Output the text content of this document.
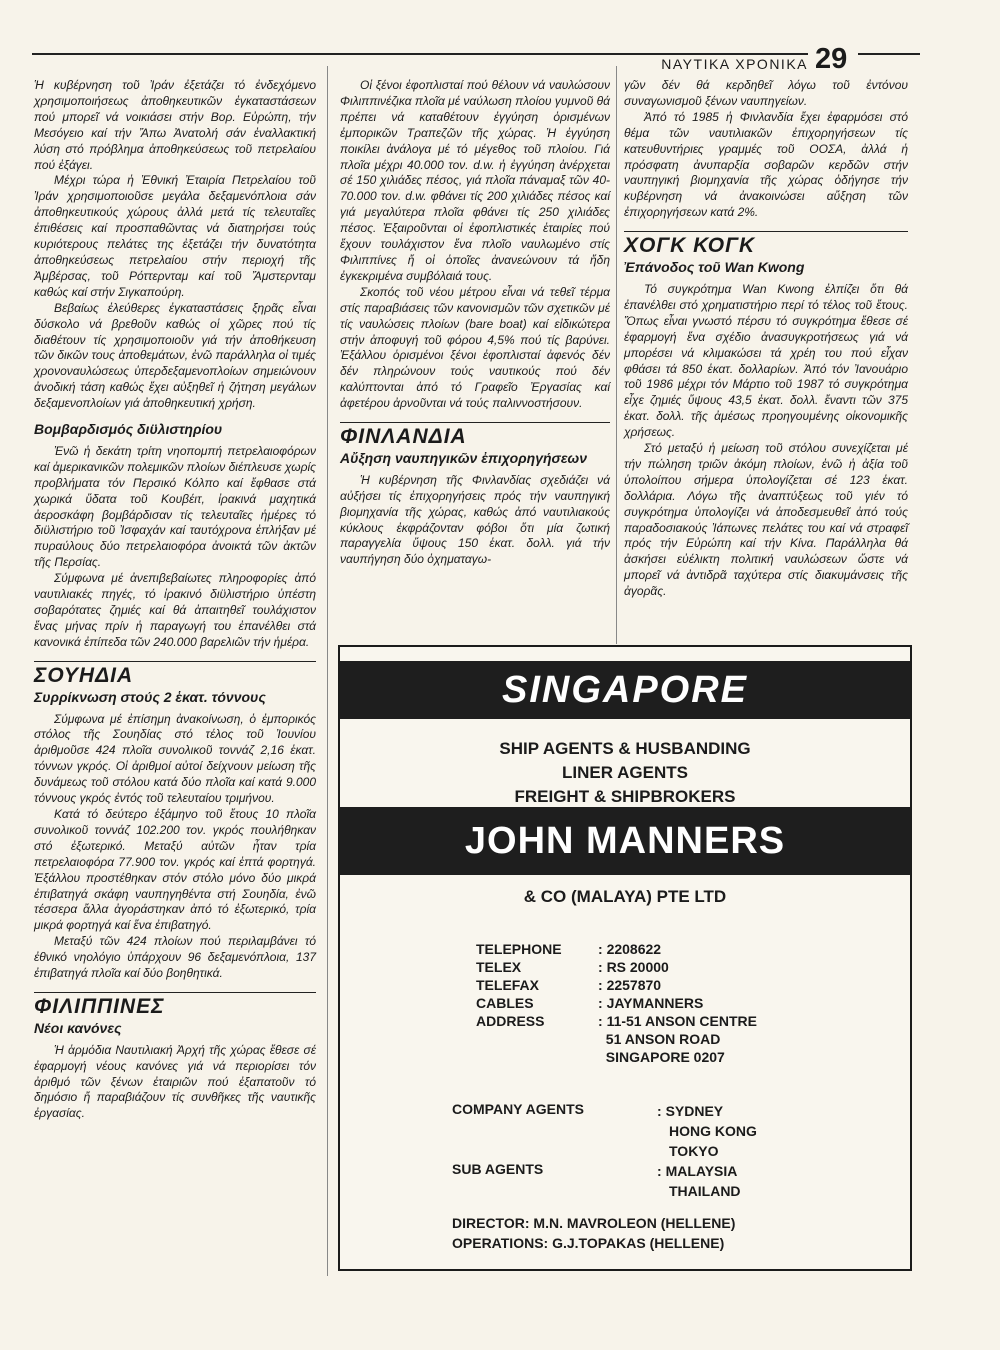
ΝΑΥΤΙΚΑ ΧΡΟΝΙΚΑ 29

Ἡ κυβέρνηση τοῦ Ἰράν ἐξετάζει τό ἐνδεχόμενο χρησιμοποιήσεως ἀποθηκευτικῶν ἐγκαταστάσεων πού μπορεῖ νά νοικιάσει στήν Βορ. Εὐρώπη, τήν Μεσόγειο καί τήν Ἄπω Ἀνατολή σάν ἐναλλακτική λύση στό πρόβλημα ἀποθηκεύσεως τοῦ πετρελαίου πού ἐξάγει.

Μέχρι τώρα ἡ Ἐθνική Ἐταιρία Πετρελαίου τοῦ Ἰράν χρησιμοποιοῦσε μεγάλα δεξαμενόπλοια σάν ἀποθηκευτικούς χώρους ἀλλά μετά τίς τελευταῖες ἐπιθέσεις καί προσπαθῶντας νά διατηρήσει τούς κυριότερους πελάτες της ἐξετάζει τήν δυνατότητα ἀποθηκεύσεως πετρελαίου στήν περιοχή τῆς Ἀμβέρσας, τοῦ Ρόττερνταμ καί τοῦ Ἄμστερνταμ καθώς καί στήν Σιγκαπούρη.

Βεβαίως ἐλεύθερες ἐγκαταστάσεις ξηρᾶς εἶναι δύσκολο νά βρεθοῦν καθώς οἱ χῶρες πού τίς διαθέτουν τίς χρησιμοποιοῦν γιά τήν ἀποθήκευση τῶν δικῶν τους ἀποθεμάτων, ἐνῶ παράλληλα οἱ τιμές χρονοναυλώσεως ὑπερδεξαμενοπλοίων σημειώνουν ἀνοδική τάση καθώς ἔχει αὐξηθεῖ ἡ ζήτηση μεγάλων δεξαμενοπλοίων γιά ἀποθηκευτική χρήση.

Βομβαρδισμός διϋλιστηρίου

Ἐνῶ ἡ δεκάτη τρίτη νηοπομπή πετρελαιοφόρων καί ἀμερικανικῶν πολεμικῶν πλοίων διέπλευσε χωρίς προβλήματα τόν Περσικό Κόλπο καί ἔφθασε στά χωρικά ὕδατα τοῦ Κουβέιτ, ἰρακινά μαχητικά ἀεροσκάφη βομβάρδισαν τίς τελευταῖες ἡμέρες τό διϋλιστήριο τοῦ Ἰσφαχάν καί ταυτόχρονα ἐπλήξαν μέ πυραύλους δύο πετρελαιοφόρα ἀνοικτά τῶν ἀκτῶν τῆς Περσίας.

Σύμφωνα μέ ἀνεπιβεβαίωτες πληροφορίες ἀπό ναυτιλιακές πηγές, τό ἰρακινό διϋλιστήριο ὑπέστη σοβαρότατες ζημιές καί θά ἀπαιτηθεῖ τουλάχιστον ἕνας μήνας πρίν ἡ παραγωγή του ἐπανέλθει στά κανονικά ἐπίπεδα τῶν 240.000 βαρελιῶν τήν ἡμέρα.

ΣΟΥΗΔΙΑ
Συρρίκνωση στούς 2 ἑκατ. τόννους

Σύμφωνα μέ ἐπίσημη ἀνακοίνωση, ὁ ἐμπορικός στόλος τῆς Σουηδίας στό τέλος τοῦ Ἰουνίου ἀριθμοῦσε 424 πλοῖα συνολικοῦ τοννάζ 2,16 ἑκατ. τόννων γκρός. Οἱ ἀριθμοί αὐτοί δείχνουν μείωση τῆς δυνάμεως τοῦ στόλου κατά δύο πλοῖα καί κατά 9.000 τόννους γκρός ἐντός τοῦ τελευταίου τριμήνου.

Κατά τό δεύτερο ἑξάμηνο τοῦ ἔτους 10 πλοῖα συνολικοῦ τοννάζ 102.200 τον. γκρός πουλήθηκαν στό ἐξωτερικό. Μεταξύ αὐτῶν ἦταν τρία πετρελαιοφόρα 77.900 τον. γκρός καί ἑπτά φορτηγά. Ἐξάλλου προστέθηκαν στόν στόλο μόνο δύο μικρά ἐπιβατηγά σκάφη ναυπηγηθέντα στή Σουηδία, ἐνῶ τέσσερα ἄλλα ἀγοράστηκαν ἀπό τό ἐξωτερικό, τρία μικρά φορτηγά καί ἕνα ἐπιβατηγό.

Μεταξύ τῶν 424 πλοίων πού περιλαμβάνει τό ἐθνικό νηολόγιο ὑπάρχουν 96 δεξαμενόπλοια, 137 ἐπιβατηγά πλοῖα καί δύο βοηθητικά.

ΦΙΛΙΠΠΙΝΕΣ
Νέοι κανόνες

Ἡ ἁρμόδια Ναυτιλιακή Ἀρχή τῆς χώρας ἔθεσε σέ ἐφαρμογή νέους κανόνες γιά νά περιορίσει τόν ἀριθμό τῶν ξένων ἐταιριῶν πού ἐξαπατοῦν τό δημόσιο ἤ παραβιάζουν τίς συνθῆκες τῆς ναυτικῆς ἐργασίας.

Οἱ ξένοι ἐφοπλισταί πού θέλουν νά ναυλώσουν Φιλιππινέζικα πλοῖα μέ ναύλωση πλοίου γυμνοῦ θά πρέπει νά καταθέτουν ἐγγύηση ὁρισμένων ἐμπορικῶν Τραπεζῶν τῆς χώρας. Ἡ ἐγγύηση ποικίλει ἀνάλογα μέ τό μέγεθος τοῦ πλοίου. Γιά πλοῖα μέχρι 40.000 τον. d.w. ἡ ἐγγύηση ἀνέρχεται σέ 150 χιλιάδες πέσος, γιά πλοῖα πάναμαξ τῶν 40-70.000 τον. d.w. φθάνει τίς 200 χιλιάδες πέσος καί γιά μεγαλύτερα πλοῖα φθάνει τίς 250 χιλιάδες πέσος. Ἐξαιροῦνται οἱ ἐφοπλιστικές ἑταιρίες πού ἔχουν τουλάχιστον ἕνα πλοῖο ναυλωμένο στίς Φιλιππίνες ἤ οἱ ὁποῖες ἀνανεώνουν τά ἤδη ἐγκεκριμένα συμβόλαιά τους.

Σκοπός τοῦ νέου μέτρου εἶναι νά τεθεῖ τέρμα στίς παραβιάσεις τῶν κανονισμῶν τῶν σχετικῶν μέ τίς ναυλώσεις πλοίων (bare boat) καί εἰδικώτερα στήν ἀποφυγή τοῦ φόρου 4,5% πού τίς βαρύνει. Ἐξάλλου ὁρισμένοι ξένοι ἐφοπλισταί ἀφενός δέν δέν πληρώνουν τούς ναυτικούς πού δέν καλύπτονται ἀπό τό Γραφεῖο Ἐργασίας καί ἀφετέρου ἀρνοῦνται νά τούς παλιννοστήσουν.

ΦΙΝΛΑΝΔΙΑ
Αὔξηση ναυπηγικῶν ἐπιχορηγήσεων

Ἡ κυβέρνηση τῆς Φινλανδίας σχεδιάζει νά αὐξήσει τίς ἐπιχορηγήσεις πρός τήν ναυπηγική βιομηχανία τῆς χώρας, καθώς ἀπό ναυτιλιακούς κύκλους ἐκφράζονταν φόβοι ὅτι μία ζωτική παραγγελία ὕψους 150 ἑκατ. δολλ. γιά τήν ναυπήγηση δύο ὀχηματαγω-

γῶν δέν θά κερδηθεῖ λόγω τοῦ ἐντόνου συναγωνισμοῦ ξένων ναυπηγείων.

Ἀπό τό 1985 ἡ Φινλανδία ἔχει ἐφαρμόσει στό θέμα τῶν ναυτιλιακῶν ἐπιχορηγήσεων τίς κατευθυντήριες γραμμές τοῦ ΟΟΣΑ, ἀλλά ἡ πρόσφατη ἀνυπαρξία σοβαρῶν κερδῶν στήν ναυπηγική βιομηχανία τῆς χώρας ὁδήγησε τήν κυβέρνηση νά ἀνακοινώσει αὔξηση τῶν ἐπιχορηγήσεων κατά 2%.

ΧΟΓΚ ΚΟΓΚ
Ἐπάνοδος τοῦ Wan Kwong

Τό συγκρότημα Wan Kwong ἐλπίζει ὅτι θά ἐπανέλθει στό χρηματιστήριο περί τό τέλος τοῦ ἔτους. Ὅπως εἶναι γνωστό πέρσυ τό συγκρότημα ἔθεσε σέ ἐφαρμογή ἕνα σχέδιο ἀνασυγκροτήσεως γιά νά μπορέσει νά κλιμακώσει τά χρέη του πού εἶχαν φθάσει τά 850 ἑκατ. δολλαρίων. Ἀπό τόν Ἰανουάριο τοῦ 1986 μέχρι τόν Μάρτιο τοῦ 1987 τό συγκρότημα εἶχε ζημιές ὕψους 43,5 ἑκατ. δολλ. ἔναντι τῶν 375 ἑκατ. δολλ. τῆς ἀμέσως προηγουμένης οἰκονομικῆς χρήσεως.

Στό μεταξύ ἡ μείωση τοῦ στόλου συνεχίζεται μέ τήν πώληση τριῶν ἀκόμη πλοίων, ἐνῶ ἡ ἀξία τοῦ ὑπολοίπου σήμερα ὑπολογίζεται σέ 123 ἑκατ. δολλάρια. Λόγω τῆς ἀναπτύξεως τοῦ γιέν τό συγκρότημα ὑπολογίζει νά ἀποδεσμευθεῖ ἀπό τούς παραδοσιακούς Ἰάπωνες πελάτες του καί νά στραφεῖ πρός τήν Εὐρώπη καί τήν Κίνα. Παράλληλα θά ἀσκήσει εὐέλικτη πολιτική ναυλώσεων ὥστε νά μπορεῖ νά ἀντιδρᾶ ταχύτερα στίς διακυμάνσεις τῆς ἀγορᾶς.

SINGAPORE
SHIP AGENTS & HUSBANDING
LINER AGENTS
FREIGHT & SHIPBROKERS
JOHN MANNERS
& CO (MALAYA) PTE LTD
TELEPHONE	: 2208622
TELEX	: RS 20000
TELEFAX	: 2257870
CABLES	: JAYMANNERS
ADDRESS	: 11-51 ANSON CENTRE
51 ANSON ROAD
SINGAPORE 0207
COMPANY AGENTS	: SYDNEY
HONG KONG
TOKYO
SUB AGENTS	: MALAYSIA
THAILAND
DIRECTOR: M.N. MAVROLEON (HELLENE)
OPERATIONS: G.J.TOPAKAS (HELLENE)
